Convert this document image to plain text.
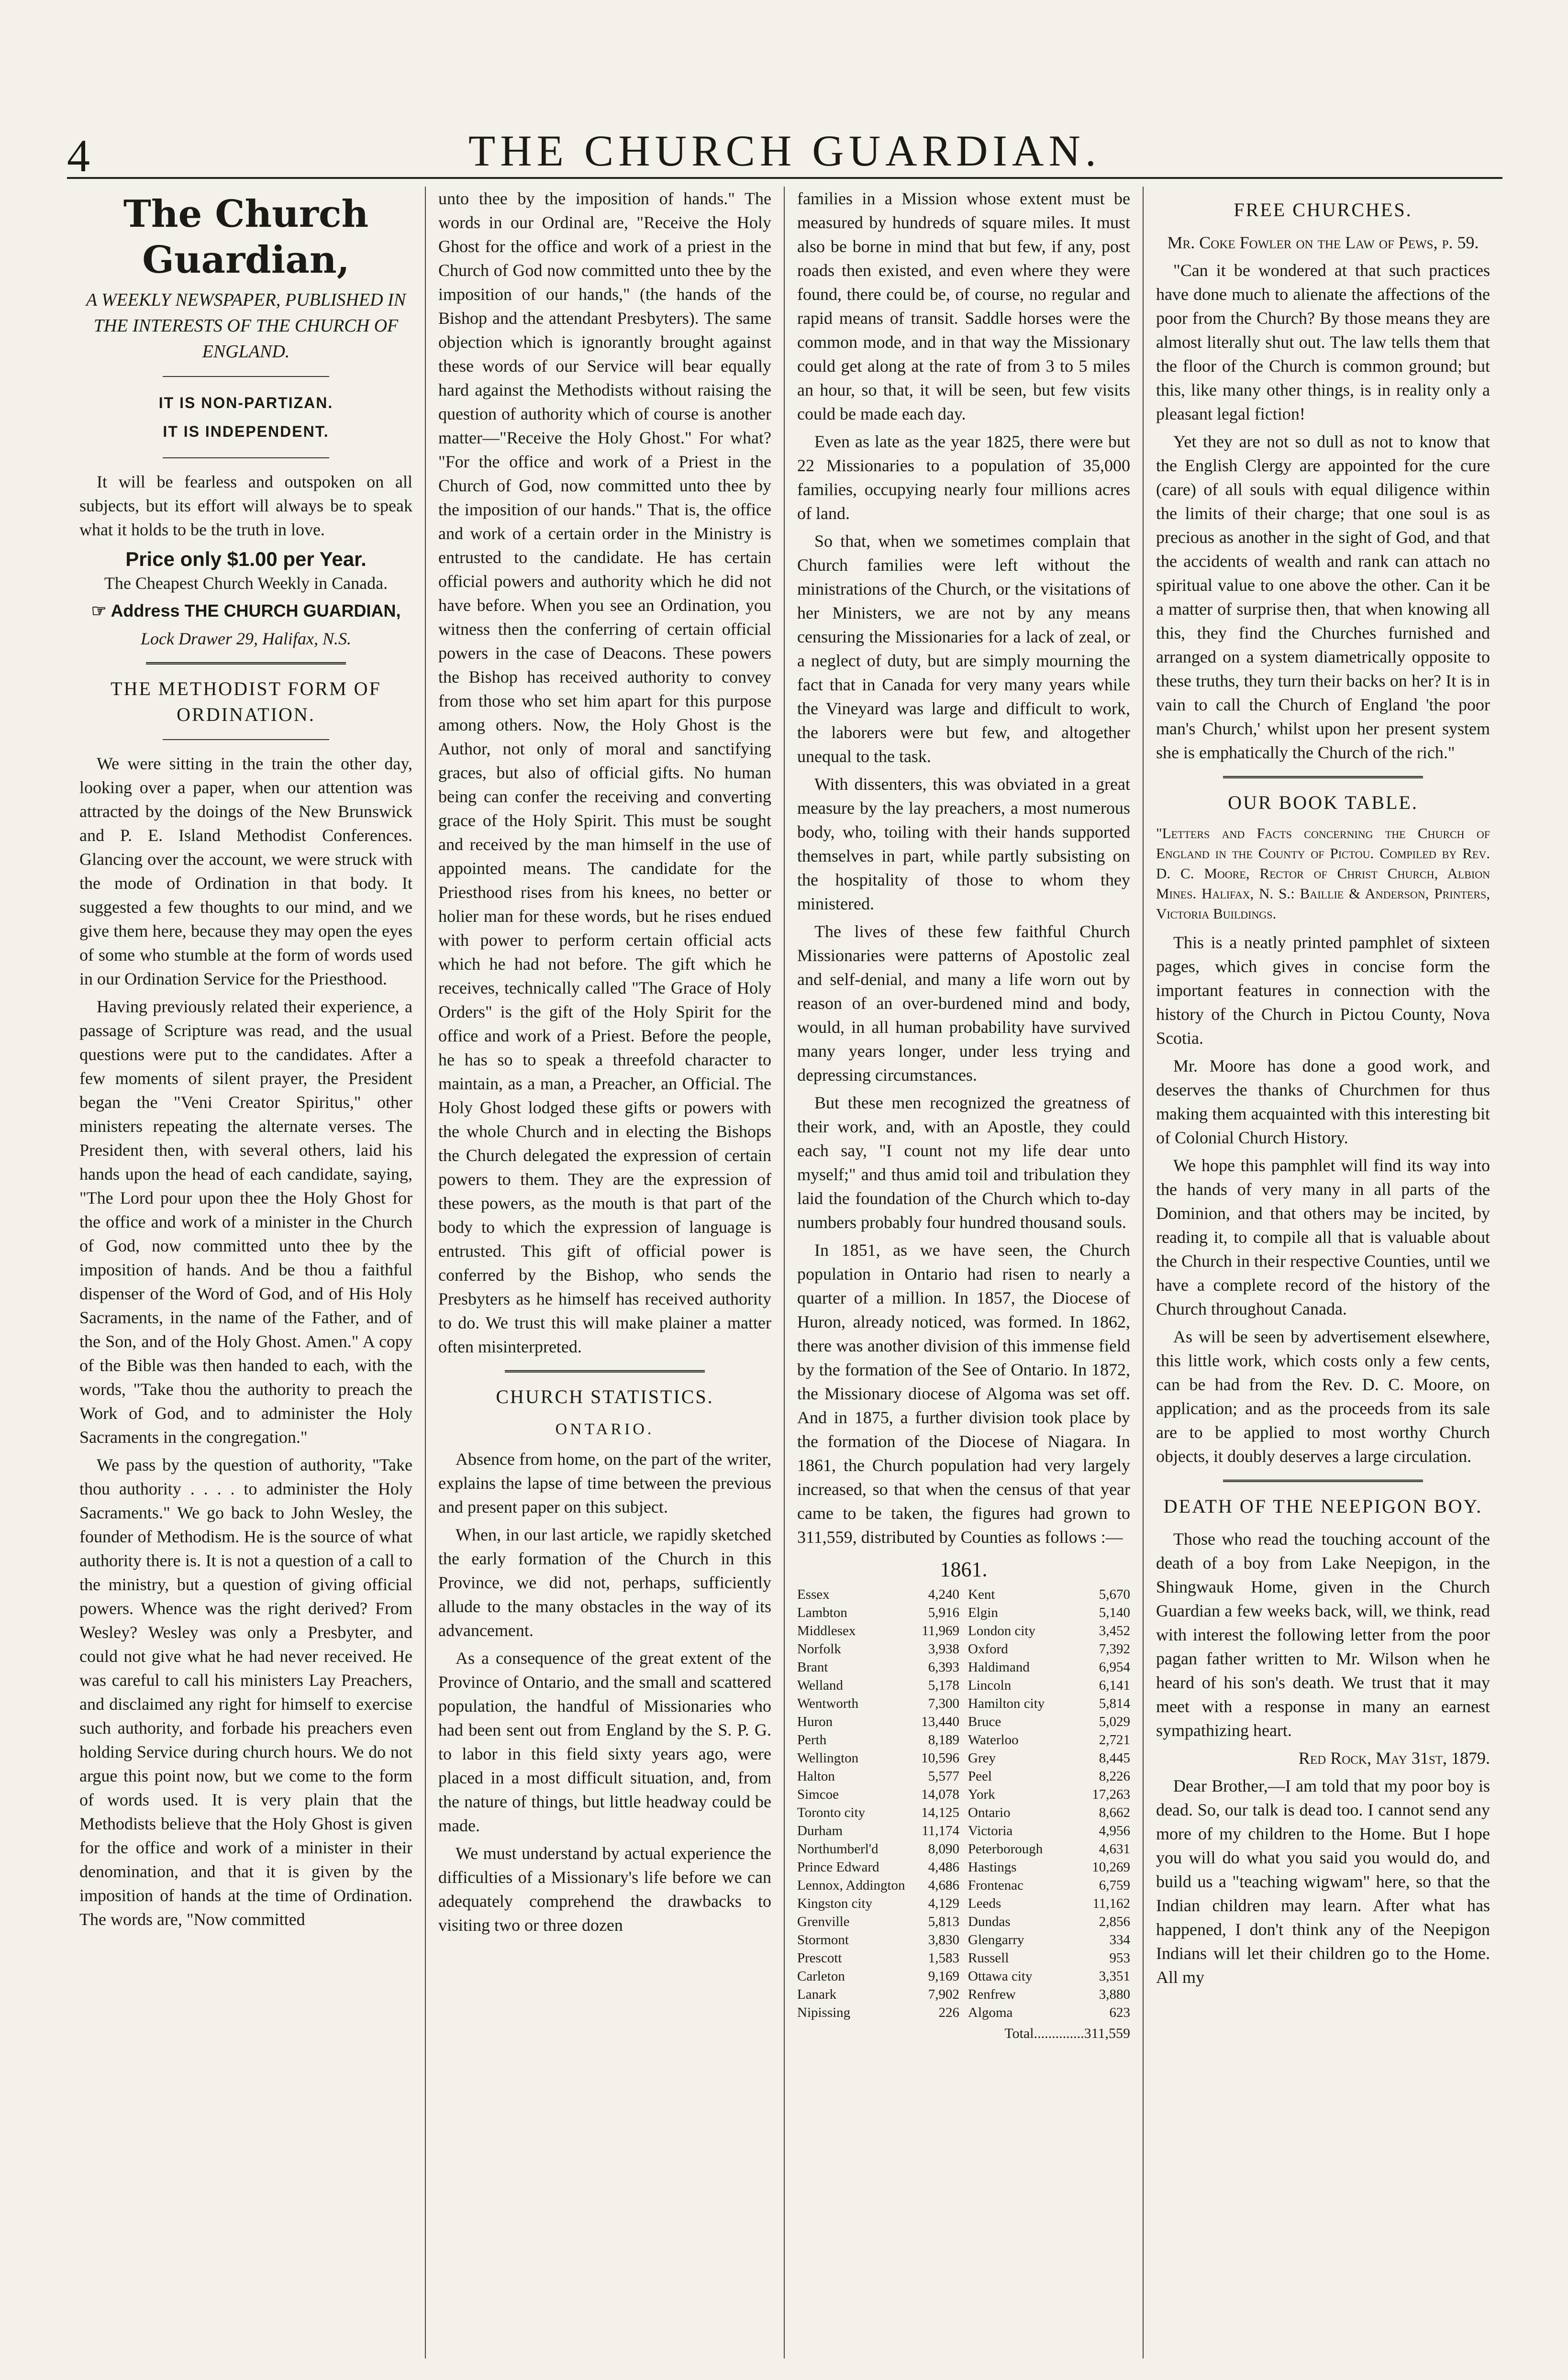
4	THE CHURCH GUARDIAN.
The Church Guardian,
A WEEKLY NEWSPAPER, PUBLISHED IN THE INTERESTS OF THE CHURCH OF ENGLAND.
IT IS NON-PARTIZAN.
IT IS INDEPENDENT.

It will be fearless and outspoken on all subjects, but its effort will always be to speak what it holds to be the truth in love.

Price only $1.00 per Year.

The Cheapest Church Weekly in Canada.

☞ Address THE CHURCH GUARDIAN,

Lock Drawer 29, Halifax, N.S.

THE METHODIST FORM OF ORDINATION.

We were sitting in the train the other day, looking over a paper, when our attention was attracted by the doings of the New Brunswick and P. E. Island Methodist Conferences. Glancing over the account, we were struck with the mode of Ordination in that body. It suggested a few thoughts to our mind, and we give them here, because they may open the eyes of some who stumble at the form of words used in our Ordination Service for the Priesthood.

Having previously related their experience, a passage of Scripture was read, and the usual questions were put to the candidates. After a few moments of silent prayer, the President began the "Veni Creator Spiritus," other ministers repeating the alternate verses. The President then, with several others, laid his hands upon the head of each candidate, saying, "The Lord pour upon thee the Holy Ghost for the office and work of a minister in the Church of God, now committed unto thee by the imposition of hands. And be thou a faithful dispenser of the Word of God, and of His Holy Sacraments, in the name of the Father, and of the Son, and of the Holy Ghost. Amen." A copy of the Bible was then handed to each, with the words, "Take thou the authority to preach the Work of God, and to administer the Holy Sacraments in the congregation."

We pass by the question of authority, "Take thou authority . . . . to administer the Holy Sacraments." We go back to John Wesley, the founder of Methodism. He is the source of what authority there is. It is not a question of a call to the ministry, but a question of giving official powers. Whence was the right derived? From Wesley? Wesley was only a Presbyter, and could not give what he had never received. He was careful to call his ministers Lay Preachers, and disclaimed any right for himself to exercise such authority, and forbade his preachers even holding Service during church hours. We do not argue this point now, but we come to the form of words used. It is very plain that the Methodists believe that the Holy Ghost is given for the office and work of a minister in their denomination, and that it is given by the imposition of hands at the time of Ordination. The words are, "Now committed

unto thee by the imposition of hands." The words in our Ordinal are, "Receive the Holy Ghost for the office and work of a priest in the Church of God now committed unto thee by the imposition of our hands," (the hands of the Bishop and the attendant Presbyters). The same objection which is ignorantly brought against these words of our Service will bear equally hard against the Methodists without raising the question of authority which of course is another matter—"Receive the Holy Ghost." For what? "For the office and work of a Priest in the Church of God, now committed unto thee by the imposition of our hands." That is, the office and work of a certain order in the Ministry is entrusted to the candidate. He has certain official powers and authority which he did not have before. When you see an Ordination, you witness then the conferring of certain official powers in the case of Deacons. These powers the Bishop has received authority to convey from those who set him apart for this purpose among others. Now, the Holy Ghost is the Author, not only of moral and sanctifying graces, but also of official gifts. No human being can confer the receiving and converting grace of the Holy Spirit. This must be sought and received by the man himself in the use of appointed means. The candidate for the Priesthood rises from his knees, no better or holier man for these words, but he rises endued with power to perform certain official acts which he had not before. The gift which he receives, technically called "The Grace of Holy Orders" is the gift of the Holy Spirit for the office and work of a Priest. Before the people, he has so to speak a threefold character to maintain, as a man, a Preacher, an Official. The Holy Ghost lodged these gifts or powers with the whole Church and in electing the Bishops the Church delegated the expression of certain powers to them. They are the expression of these powers, as the mouth is that part of the body to which the expression of language is entrusted. This gift of official power is conferred by the Bishop, who sends the Presbyters as he himself has received authority to do. We trust this will make plainer a matter often misinterpreted.

CHURCH STATISTICS.
ONTARIO.

Absence from home, on the part of the writer, explains the lapse of time between the previous and present paper on this subject.

When, in our last article, we rapidly sketched the early formation of the Church in this Province, we did not, perhaps, sufficiently allude to the many obstacles in the way of its advancement.

As a consequence of the great extent of the Province of Ontario, and the small and scattered population, the handful of Missionaries who had been sent out from England by the S. P. G. to labor in this field sixty years ago, were placed in a most difficult situation, and, from the nature of things, but little headway could be made.

We must understand by actual experience the difficulties of a Missionary's life before we can adequately comprehend the drawbacks to visiting two or three dozen

families in a Mission whose extent must be measured by hundreds of square miles. It must also be borne in mind that but few, if any, post roads then existed, and even where they were found, there could be, of course, no regular and rapid means of transit. Saddle horses were the common mode, and in that way the Missionary could get along at the rate of from 3 to 5 miles an hour, so that, it will be seen, but few visits could be made each day.

Even as late as the year 1825, there were but 22 Missionaries to a population of 35,000 families, occupying nearly four millions acres of land.

So that, when we sometimes complain that Church families were left without the ministrations of the Church, or the visitations of her Ministers, we are not by any means censuring the Missionaries for a lack of zeal, or a neglect of duty, but are simply mourning the fact that in Canada for very many years while the Vineyard was large and difficult to work, the laborers were but few, and altogether unequal to the task.

With dissenters, this was obviated in a great measure by the lay preachers, a most numerous body, who, toiling with their hands supported themselves in part, while partly subsisting on the hospitality of those to whom they ministered.

The lives of these few faithful Church Missionaries were patterns of Apostolic zeal and self-denial, and many a life worn out by reason of an over-burdened mind and body, would, in all human probability have survived many years longer, under less trying and depressing circumstances.

But these men recognized the greatness of their work, and, with an Apostle, they could each say, "I count not my life dear unto myself;" and thus amid toil and tribulation they laid the foundation of the Church which to-day numbers probably four hundred thousand souls.

In 1851, as we have seen, the Church population in Ontario had risen to nearly a quarter of a million. In 1857, the Diocese of Huron, already noticed, was formed. In 1862, there was another division of this immense field by the formation of the See of Ontario. In 1872, the Missionary diocese of Algoma was set off. And in 1875, a further division took place by the formation of the Diocese of Niagara. In 1861, the Church population had very largely increased, so that when the census of that year came to be taken, the figures had grown to 311,559, distributed by Counties as follows :—

1861.
Essex	4,240
Lambton	5,916
Middlesex	11,969
Norfolk	3,938
Brant	6,393
Welland	5,178
Wentworth	7,300
Huron	13,440
Perth	8,189
Wellington	10,596
Halton	5,577
Simcoe	14,078
Toronto city	14,125
Durham	11,174
Northumberl'd	8,090
Prince Edward	4,486
Lennox, Addington	4,686
Kingston city	4,129
Grenville	5,813
Stormont	3,830
Prescott	1,583
Carleton	9,169
Lanark	7,902
Nipissing	226
Kent	5,670
Elgin	5,140
London city	3,452
Oxford	7,392
Haldimand	6,954
Lincoln	6,141
Hamilton city	5,814
Bruce	5,029
Waterloo	2,721
Grey	8,445
Peel	8,226
York	17,263
Ontario	8,662
Victoria	4,956
Peterborough	4,631
Hastings	10,269
Frontenac	6,759
Leeds	11,162
Dundas	2,856
Glengarry	334
Russell	953
Ottawa city	3,351
Renfrew	3,880
Algoma	623

Total..............311,559

FREE CHURCHES.

Mr. Coke Fowler on the Law of Pews, p. 59.

"Can it be wondered at that such practices have done much to alienate the affections of the poor from the Church? By those means they are almost literally shut out. The law tells them that the floor of the Church is common ground; but this, like many other things, is in reality only a pleasant legal fiction!

Yet they are not so dull as not to know that the English Clergy are appointed for the cure (care) of all souls with equal diligence within the limits of their charge; that one soul is as precious as another in the sight of God, and that the accidents of wealth and rank can attach no spiritual value to one above the other. Can it be a matter of surprise then, that when knowing all this, they find the Churches furnished and arranged on a system diametrically opposite to these truths, they turn their backs on her? It is in vain to call the Church of England 'the poor man's Church,' whilst upon her present system she is emphatically the Church of the rich."

OUR BOOK TABLE.

"Letters and Facts concerning the Church of England in the County of Pictou. Compiled by Rev. D. C. Moore, Rector of Christ Church, Albion Mines. Halifax, N. S.: Baillie & Anderson, Printers, Victoria Buildings.

This is a neatly printed pamphlet of sixteen pages, which gives in concise form the important features in connection with the history of the Church in Pictou County, Nova Scotia.

Mr. Moore has done a good work, and deserves the thanks of Churchmen for thus making them acquainted with this interesting bit of Colonial Church History.

We hope this pamphlet will find its way into the hands of very many in all parts of the Dominion, and that others may be incited, by reading it, to compile all that is valuable about the Church in their respective Counties, until we have a complete record of the history of the Church throughout Canada.

As will be seen by advertisement elsewhere, this little work, which costs only a few cents, can be had from the Rev. D. C. Moore, on application; and as the proceeds from its sale are to be applied to most worthy Church objects, it doubly deserves a large circulation.

DEATH OF THE NEEPIGON BOY.

Those who read the touching account of the death of a boy from Lake Neepigon, in the Shingwauk Home, given in the Church Guardian a few weeks back, will, we think, read with interest the following letter from the poor pagan father written to Mr. Wilson when he heard of his son's death. We trust that it may meet with a response in many an earnest sympathizing heart.

Red Rock, May 31st, 1879.

Dear Brother,—I am told that my poor boy is dead. So, our talk is dead too. I cannot send any more of my children to the Home. But I hope you will do what you said you would do, and build us a "teaching wigwam" here, so that the Indian children may learn. After what has happened, I don't think any of the Neepigon Indians will let their children go to the Home. All my
